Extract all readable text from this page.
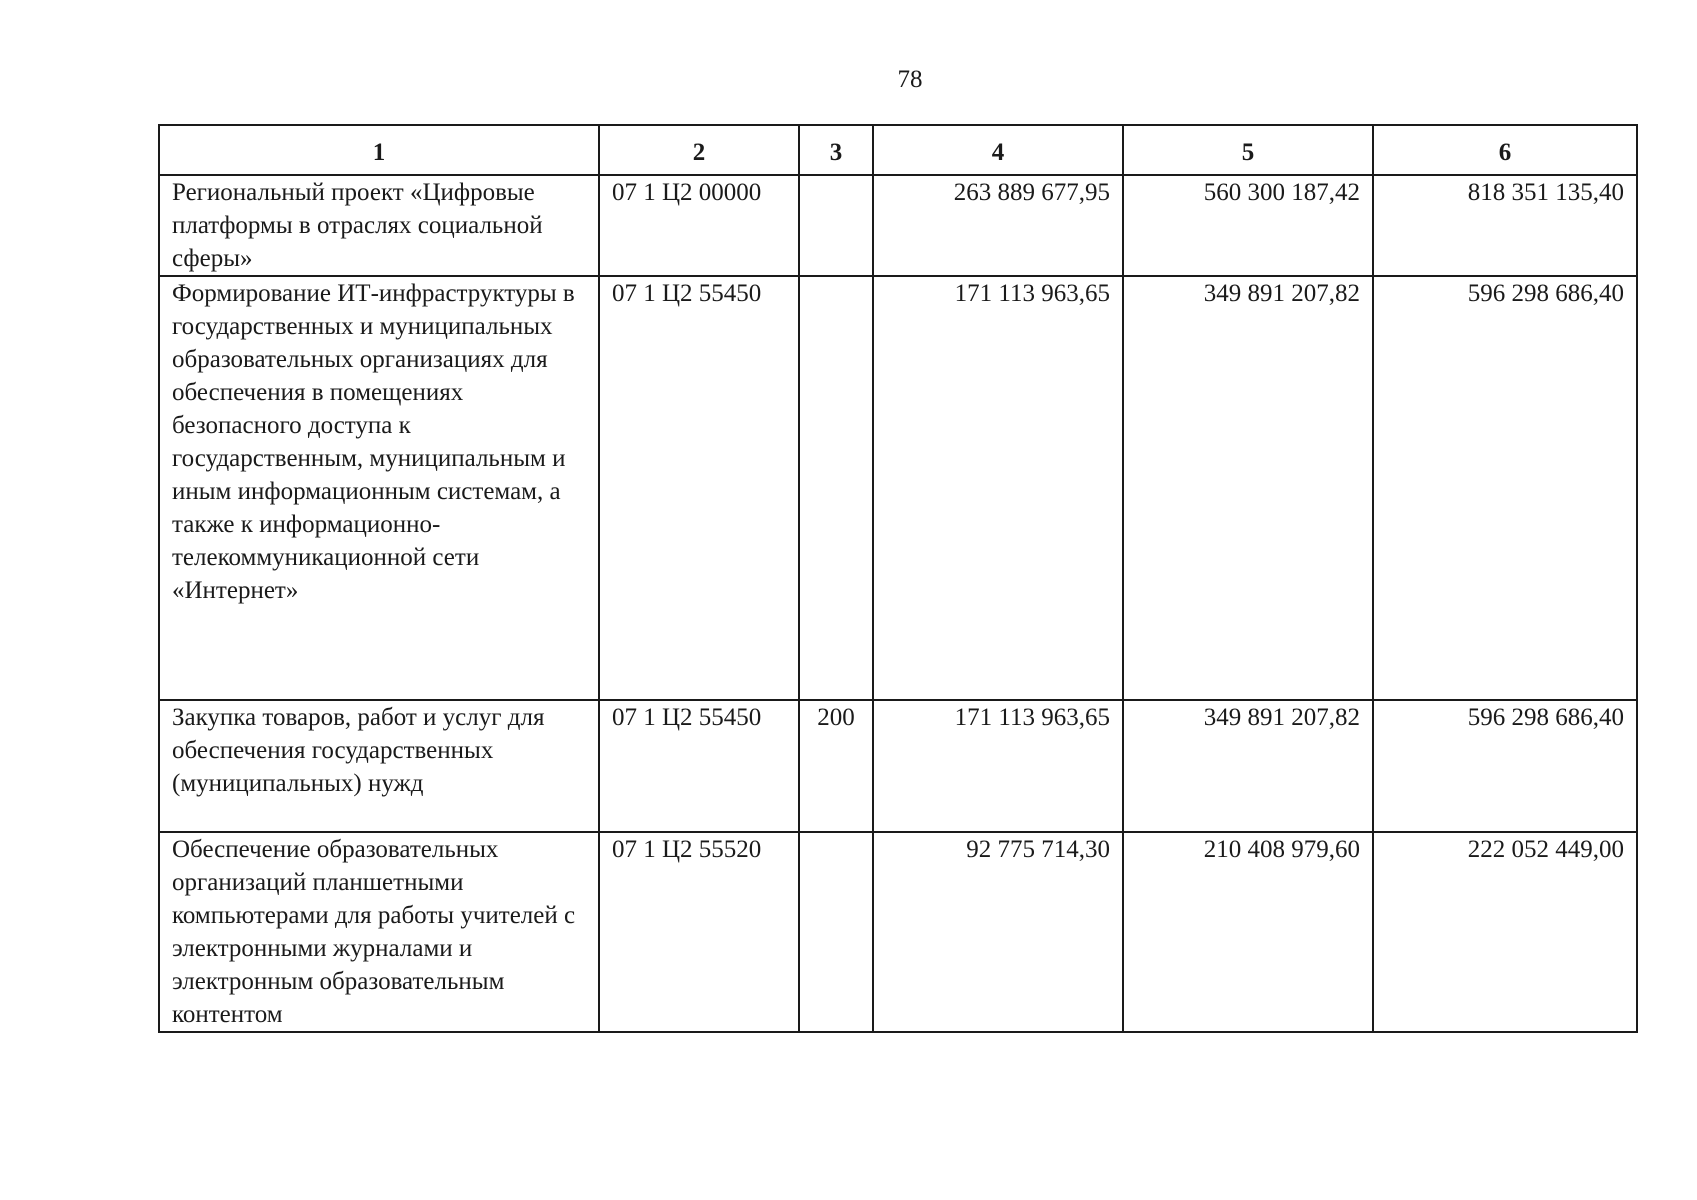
78
1	2	3	4	5	6
Региональный проект «Цифровые платформы в отраслях социальной сферы»	07 1 Ц2 00000		263 889 677,95	560 300 187,42	818 351 135,40
Формирование ИТ-инфраструктуры в государственных и муниципальных образовательных организациях для обеспечения в помещениях безопасного доступа к государственным, муниципальным и иным информационным системам, а также к информационно-телекоммуникационной сети «Интернет»	07 1 Ц2 55450		171 113 963,65	349 891 207,82	596 298 686,40
Закупка товаров, работ и услуг для обеспечения государственных (муниципальных) нужд	07 1 Ц2 55450	200	171 113 963,65	349 891 207,82	596 298 686,40
Обеспечение образовательных организаций планшетными компьютерами для работы учителей с электронными журналами и электронным образовательным контентом	07 1 Ц2 55520		92 775 714,30	210 408 979,60	222 052 449,00
